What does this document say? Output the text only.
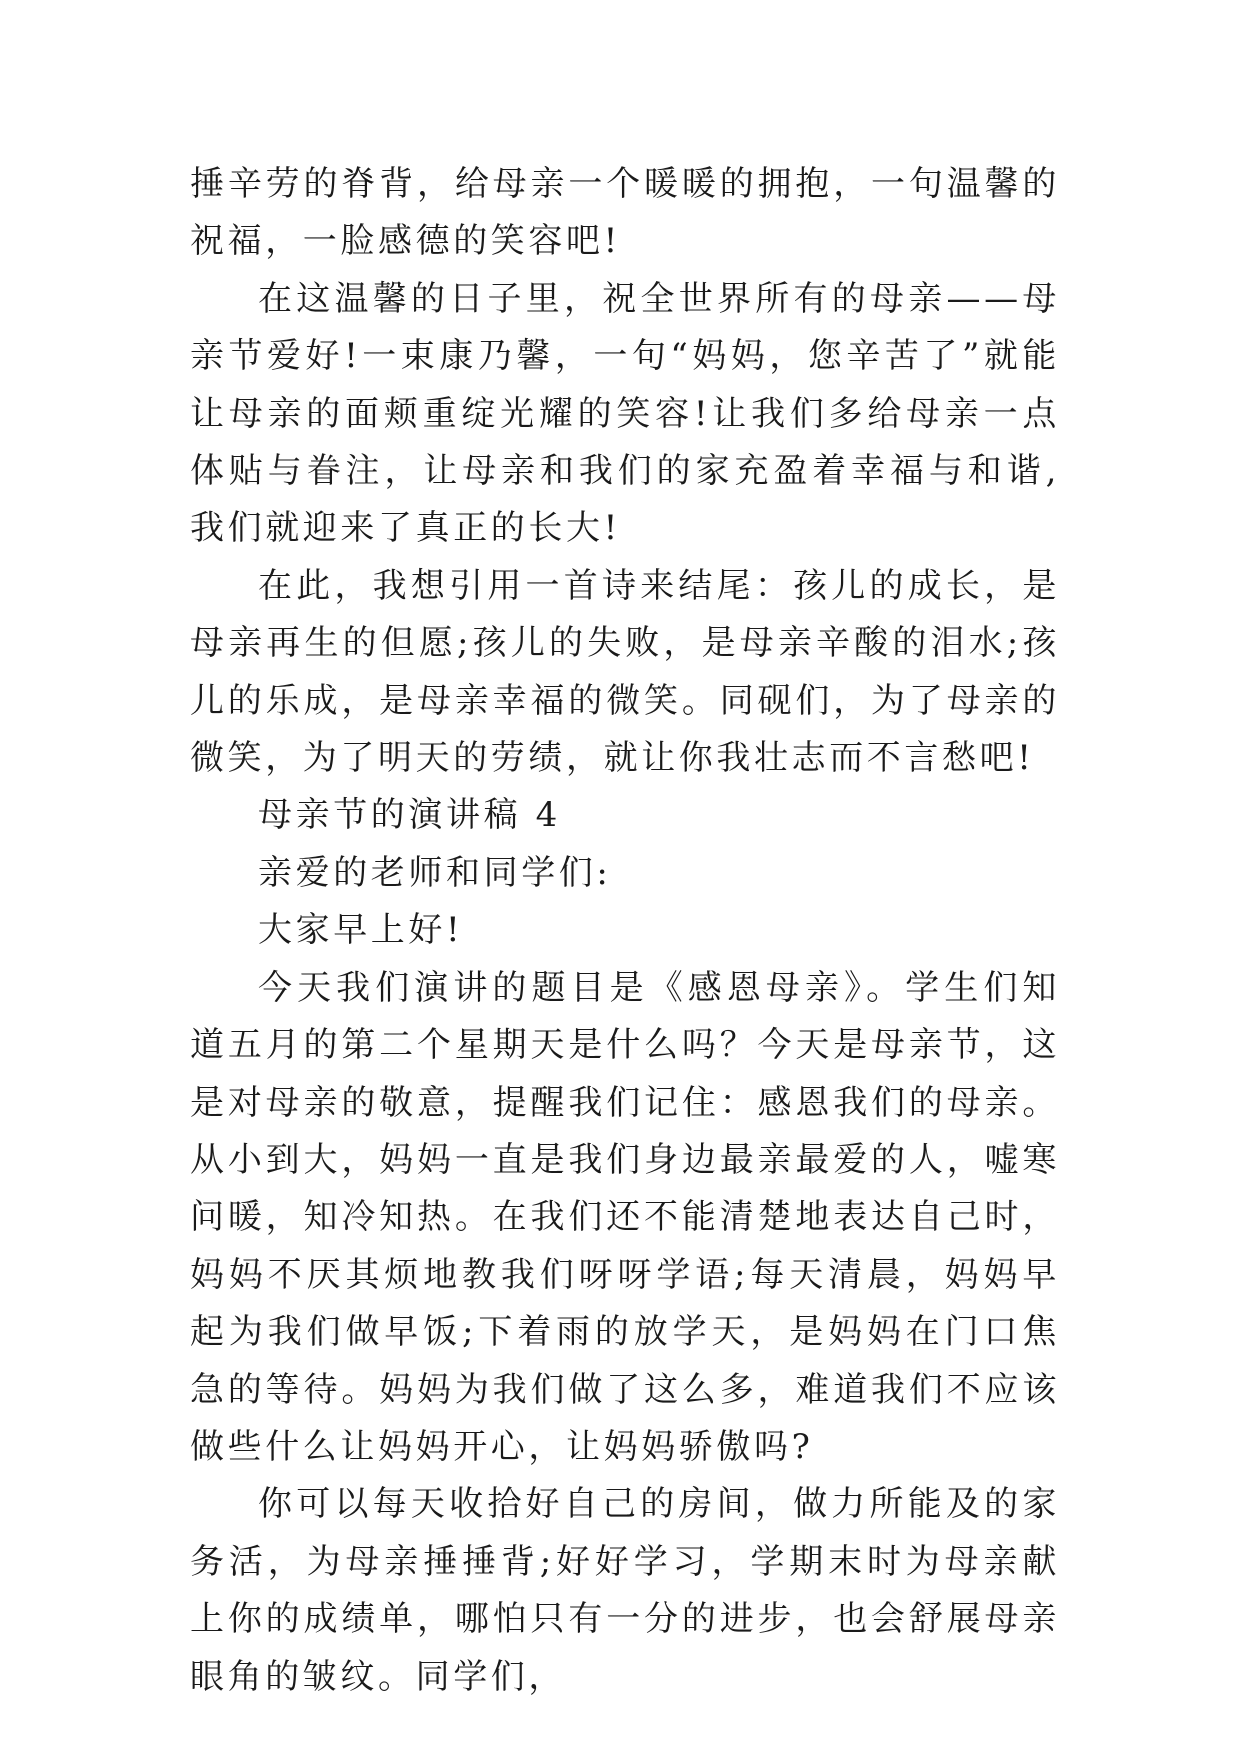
捶辛劳的脊背，给母亲一个暖暖的拥抱，一句温馨的祝福，一脸感德的笑容吧!

在这温馨的日子里，祝全世界所有的母亲——母亲节爱好!一束康乃馨，一句“妈妈，您辛苦了”就能让母亲的面颊重绽光耀的笑容!让我们多给母亲一点体贴与眷注，让母亲和我们的家充盈着幸福与和谐,我们就迎来了真正的长大!

在此，我想引用一首诗来结尾：孩儿的成长，是母亲再生的但愿;孩儿的失败，是母亲辛酸的泪水;孩儿的乐成，是母亲幸福的微笑。同砚们，为了母亲的微笑，为了明天的劳绩，就让你我壮志而不言愁吧!

母亲节的演讲稿 4

亲爱的老师和同学们:

大家早上好!

今天我们演讲的题目是《感恩母亲》。学生们知道五月的第二个星期天是什么吗？今天是母亲节，这是对母亲的敬意，提醒我们记住：感恩我们的母亲。从小到大，妈妈一直是我们身边最亲最爱的人，嘘寒问暖，知冷知热。在我们还不能清楚地表达自己时，妈妈不厌其烦地教我们呀呀学语;每天清晨，妈妈早起为我们做早饭;下着雨的放学天，是妈妈在门口焦急的等待。妈妈为我们做了这么多，难道我们不应该做些什么让妈妈开心，让妈妈骄傲吗?

你可以每天收拾好自己的房间，做力所能及的家务活，为母亲捶捶背;好好学习，学期末时为母亲献上你的成绩单，哪怕只有一分的进步，也会舒展母亲眼角的皱纹。同学们，
